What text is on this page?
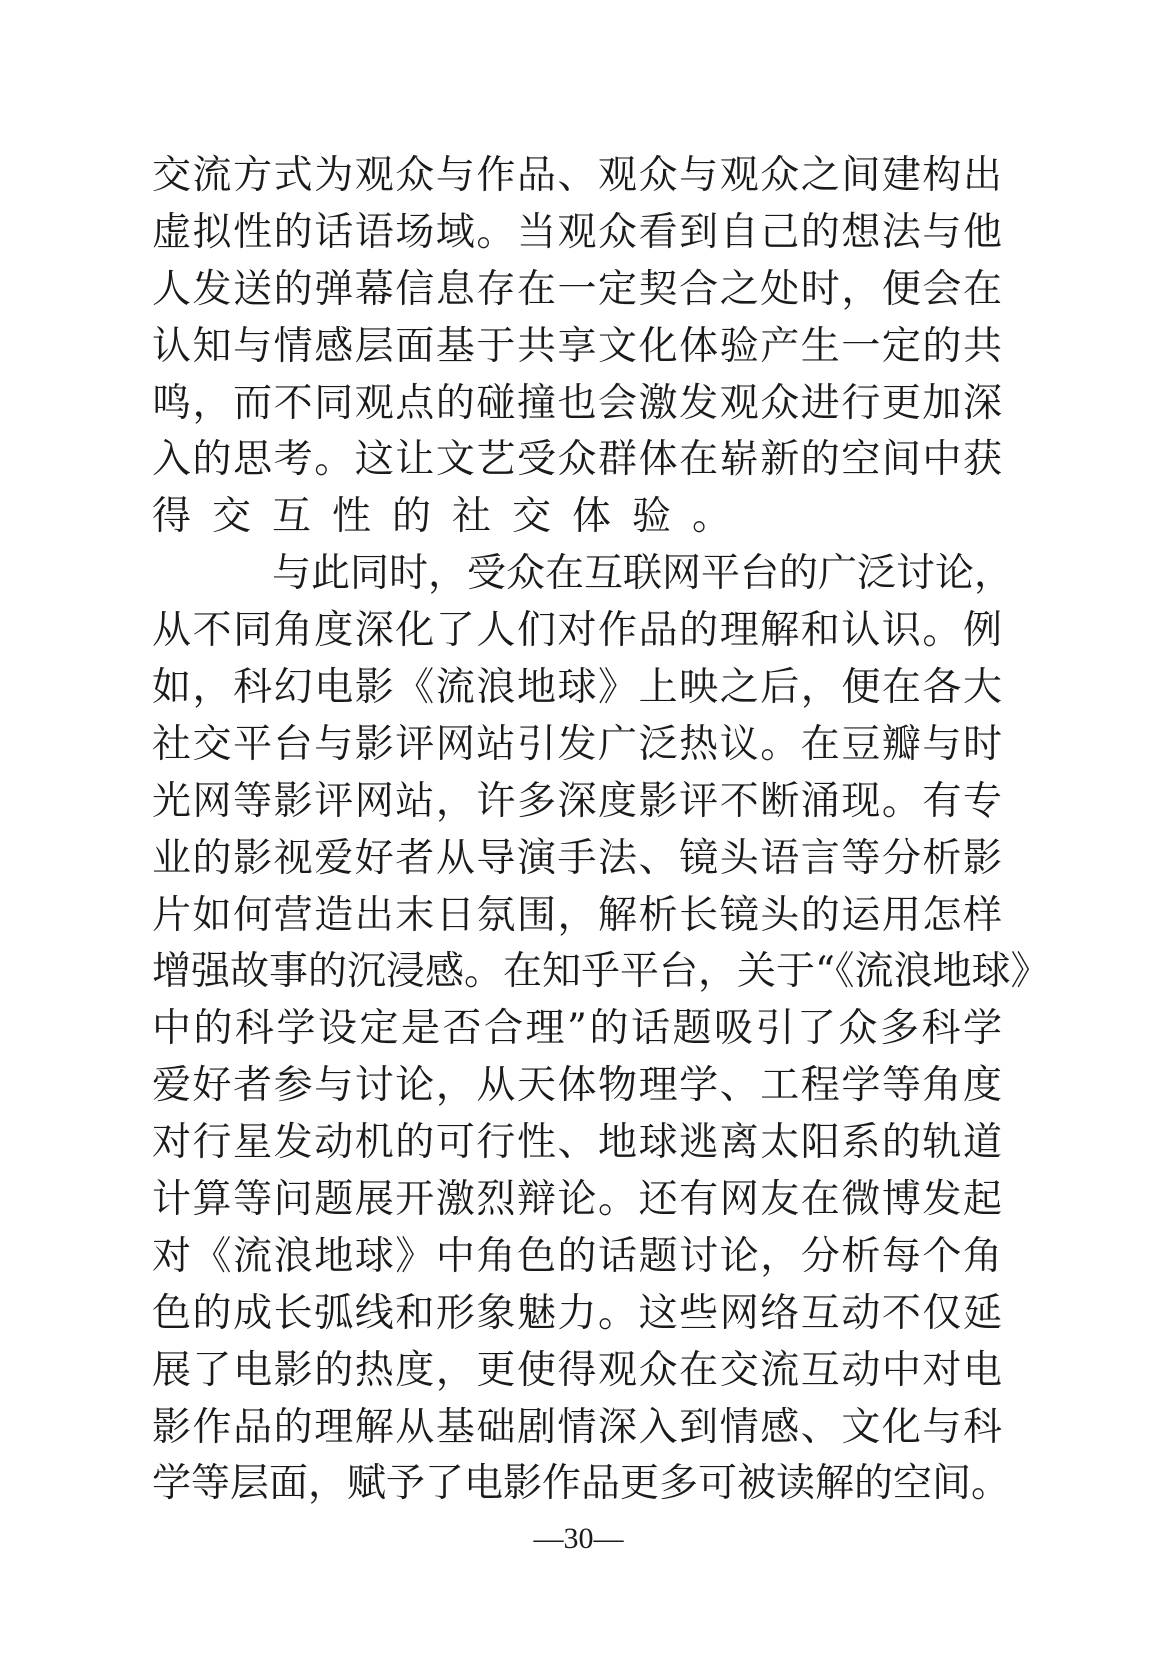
交流方式为观众与作品、观众与观众之间建构出
虚拟性的话语场域。当观众看到自己的想法与他
人发送的弹幕信息存在一定契合之处时，便会在
认知与情感层面基于共享文化体验产生一定的共
鸣，而不同观点的碰撞也会激发观众进行更加深
入的思考。这让文艺受众群体在崭新的空间中获
得交互性的社交体验。
与此同时，受众在互联网平台的广泛讨论，
从不同角度深化了人们对作品的理解和认识。例
如，科幻电影《流浪地球》上映之后，便在各大
社交平台与影评网站引发广泛热议。在豆瓣与时
光网等影评网站，许多深度影评不断涌现。有专
业的影视爱好者从导演手法、镜头语言等分析影
片如何营造出末日氛围，解析长镜头的运用怎样
增强故事的沉浸感。在知乎平台，关于“《流浪地球》
中的科学设定是否合理”的话题吸引了众多科学
爱好者参与讨论，从天体物理学、工程学等角度
对行星发动机的可行性、地球逃离太阳系的轨道
计算等问题展开激烈辩论。还有网友在微博发起
对《流浪地球》中角色的话题讨论，分析每个角
色的成长弧线和形象魅力。这些网络互动不仅延
展了电影的热度，更使得观众在交流互动中对电
影作品的理解从基础剧情深入到情感、文化与科
学等层面，赋予了电影作品更多可被读解的空间。
—30—
